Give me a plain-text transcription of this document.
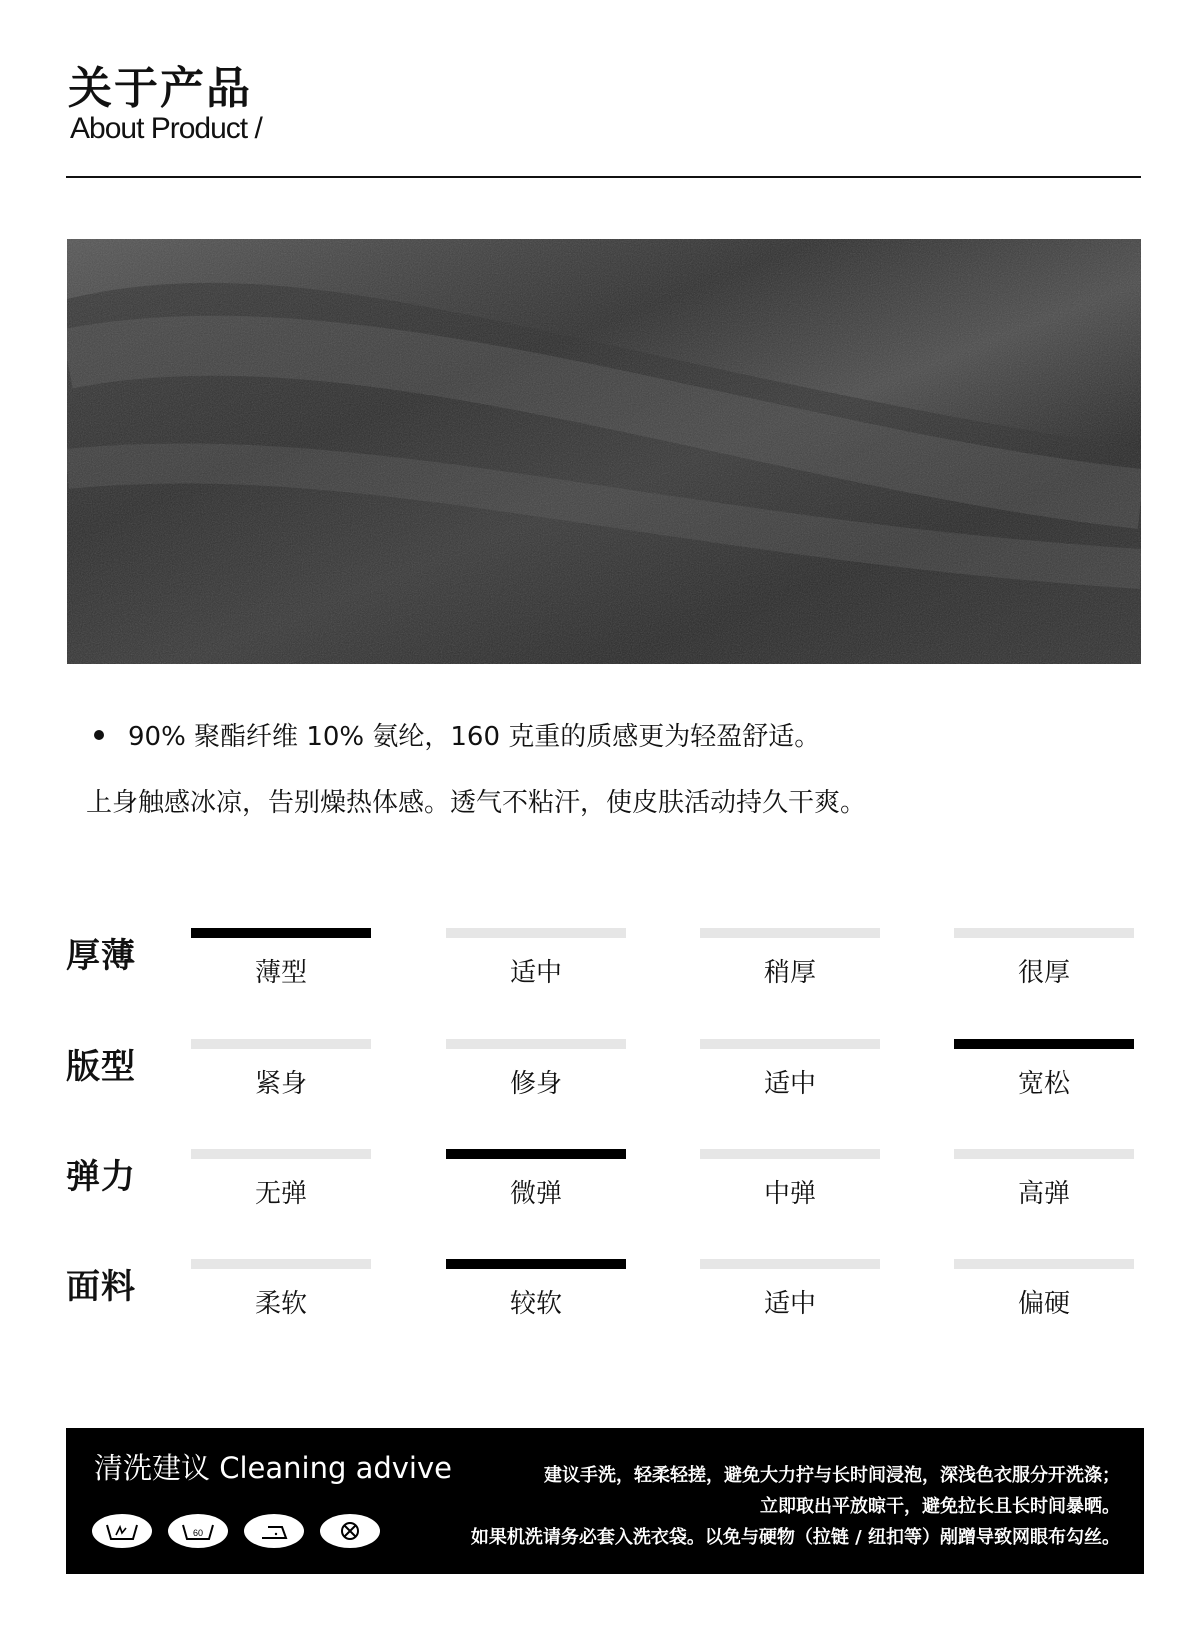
关于产品
About Product /
90% 聚酯纤维 10% 氨纶，160 克重的质感更为轻盈舒适。
上身触感冰凉，告别燥热体感。透气不粘汗，使皮肤活动持久干爽。
厚薄	薄型	适中	稍厚	很厚
版型	紧身	修身	适中	宽松
弹力	无弹	微弹	中弹	高弹
面料	柔软	较软	适中	偏硬
清洗建议 Cleaning advive
60
建议手洗，轻柔轻搓，避免大力拧与长时间浸泡，深浅色衣服分开洗涤；
立即取出平放晾干，避免拉长且长时间暴晒。
如果机洗请务必套入洗衣袋。以免与硬物（拉链 / 纽扣等）剐蹭导致网眼布勾丝。
